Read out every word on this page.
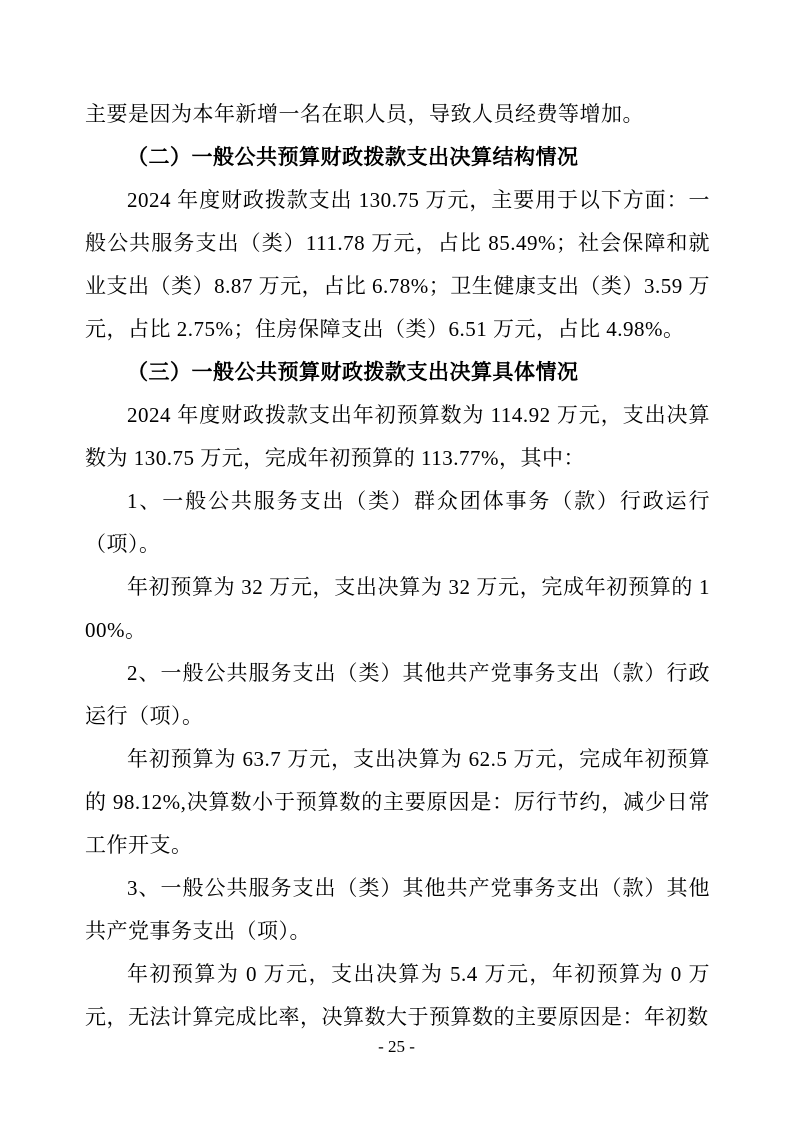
主要是因为本年新增一名在职人员，导致人员经费等增加。

（二）一般公共预算财政拨款支出决算结构情况

2024 年度财政拨款支出 130.75 万元，主要用于以下方面：一般公共服务支出（类）111.78 万元，占比 85.49%；社会保障和就业支出（类）8.87 万元，占比 6.78%；卫生健康支出（类）3.59 万元，占比 2.75%；住房保障支出（类）6.51 万元，占比 4.98%。

（三）一般公共预算财政拨款支出决算具体情况

2024 年度财政拨款支出年初预算数为 114.92 万元，支出决算数为 130.75 万元，完成年初预算的 113.77%，其中：

1、一般公共服务支出（类）群众团体事务（款）行政运行（项）。

年初预算为 32 万元，支出决算为 32 万元，完成年初预算的 100%。

2、一般公共服务支出（类）其他共产党事务支出（款）行政运行（项）。

年初预算为 63.7 万元，支出决算为 62.5 万元，完成年初预算的 98.12%,决算数小于预算数的主要原因是：厉行节约，减少日常工作开支。

3、一般公共服务支出（类）其他共产党事务支出（款）其他共产党事务支出（项）。

年初预算为 0 万元，支出决算为 5.4 万元，年初预算为 0 万元，无法计算完成比率，决算数大于预算数的主要原因是：年初数

- 25 -
